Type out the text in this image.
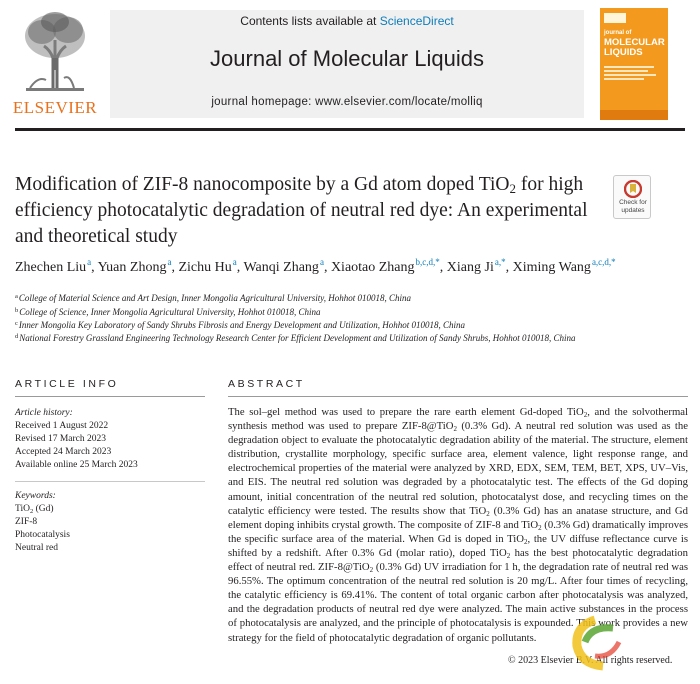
ELSEVIER
Contents lists available at ScienceDirect
Journal of Molecular Liquids
journal homepage: www.elsevier.com/locate/molliq
journal of
MOLECULAR LIQUIDS
Modification of ZIF-8 nanocomposite by a Gd atom doped TiO$_2$ for high efficiency photocatalytic degradation of neutral red dye: An experimental and theoretical study
Check for
updates
Zhechen Liu$^a$, Yuan Zhong$^a$, Zichu Hu$^a$, Wanqi Zhang$^a$, Xiaotao Zhang$^{b,c,d,*}$, Xiang $Ji^{a,*}$, Ximing Wang$^{a,c,d,*}$
$^a$College of Material Science and Art Design, Inner Mongolia Agricultural University, Hohhot 010018, China
$^b$College of Science, Inner Mongolia Agricultural University, Hohhot 010018, China
$^c$Inner Mongolia Key Laboratory of Sandy Shrubs Fibrosis and Energy Development and Utilization, Hohhot 010018, China
$^d$National Forestry Grassland Engineering Technology Research Center for Efficient Development and Utilization of Sandy Shrubs, Hohhot 010018, China
ARTICLE INFO
Article history:
Received 1 August 2022
Revised 17 March 2023
Accepted 24 March 2023
Available online 25 March 2023
Keywords:
TiO$_2$ (Gd)
ZIF-8
Photocatalysis
Neutral red
ABSTRACT
The sol–gel method was used to prepare the rare earth element Gd-doped TiO$_2$, and the solvothermal synthesis method was used to prepare ZIF-8@TiO$_2$ (0.3% Gd). A neutral red solution was used as the degradation object to evaluate the photocatalytic degradation ability of the material. The structure, element distribution, crystallite morphology, specific surface area, element valence, light response range, and electrochemical properties of the material were analyzed by XRD, EDX, SEM, TEM, BET, XPS, UV–Vis, and EIS. The neutral red solution was degraded by a photocatalytic test. The effects of the Gd doping amount, initial concentration of the neutral red solution, photocatalyst dose, and recycling times on the catalytic efficiency were tested. The results show that TiO$_2$ (0.3% Gd) has an anatase structure, and Gd element doping inhibits crystal growth. The composite of ZIF-8 and TiO$_2$ (0.3% Gd) dramatically improves the specific surface area of the material. When Gd is doped in TiO$_2$, the UV diffuse reflectance curve is shifted by a redshift. After 0.3% Gd (molar ratio), doped TiO$_2$ has the best photocatalytic degradation effect of neutral red. ZIF-8@TiO$_2$ (0.3% Gd) UV irradiation for 1 h, the degradation rate of neutral red was 96.55%. The optimum concentration of the neutral red solution is 20 mg/L. After four times of recycling, the catalytic efficiency is 69.41%. The content of total organic carbon after photocatalysis was analyzed, and the degradation products of neutral red dye were analyzed. The main active substances in the process of photocatalysis are analyzed, and the principle of photocatalysis is expounded. This work provides a new strategy for the field of photocatalytic degradation of organic pollutants.
© 2023 Elsevier B.V. All rights reserved.
